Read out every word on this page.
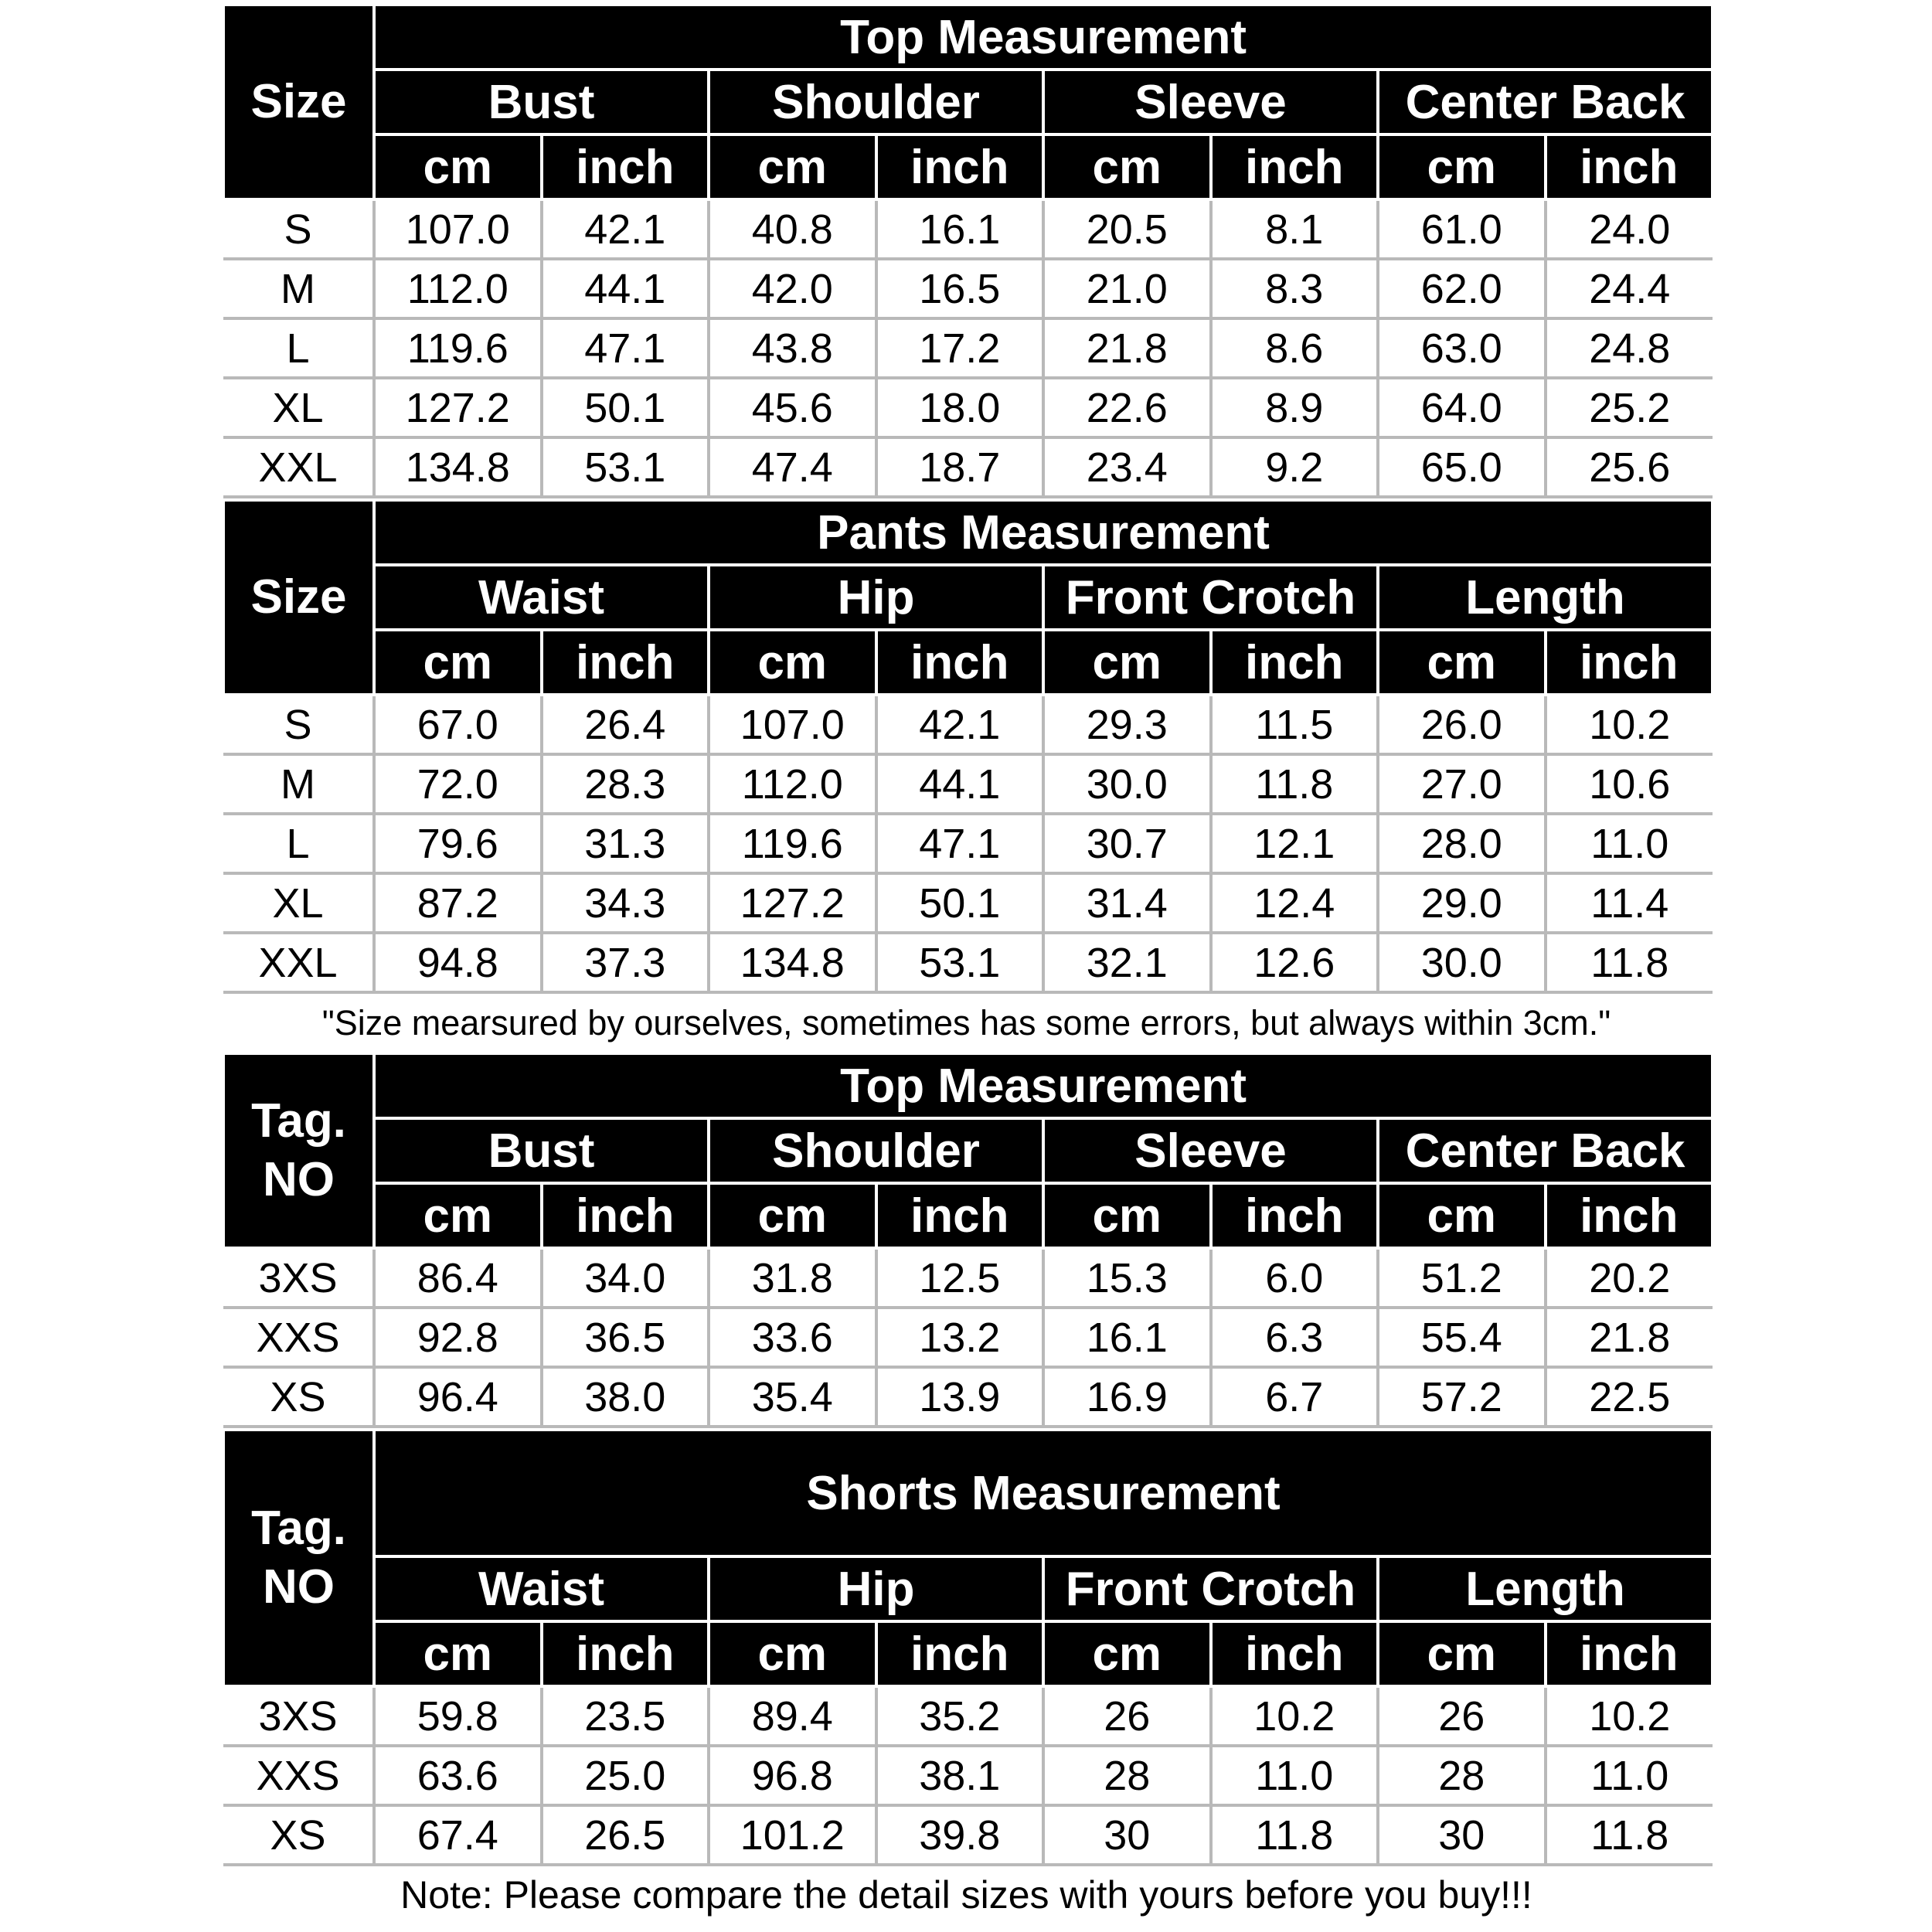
Size	Top Measurement							
	Bust		Shoulder		Sleeve		Center Back	
	cm	inch	cm	inch	cm	inch	cm	inch
S	107.0	42.1	40.8	16.1	20.5	8.1	61.0	24.0
M	112.0	44.1	42.0	16.5	21.0	8.3	62.0	24.4
L	119.6	47.1	43.8	17.2	21.8	8.6	63.0	24.8
XL	127.2	50.1	45.6	18.0	22.6	8.9	64.0	25.2
XXL	134.8	53.1	47.4	18.7	23.4	9.2	65.0	25.6
Size	Pants Measurement							
	Waist		Hip		Front Crotch		Length	
	cm	inch	cm	inch	cm	inch	cm	inch
S	67.0	26.4	107.0	42.1	29.3	11.5	26.0	10.2
M	72.0	28.3	112.0	44.1	30.0	11.8	27.0	10.6
L	79.6	31.3	119.6	47.1	30.7	12.1	28.0	11.0
XL	87.2	34.3	127.2	50.1	31.4	12.4	29.0	11.4
XXL	94.8	37.3	134.8	53.1	32.1	12.6	30.0	11.8
"Size mearsured by ourselves, sometimes has some errors, but always within 3cm."
Tag. NO	Top Measurement							
	Bust		Shoulder		Sleeve		Center Back	
	cm	inch	cm	inch	cm	inch	cm	inch
3XS	86.4	34.0	31.8	12.5	15.3	6.0	51.2	20.2
XXS	92.8	36.5	33.6	13.2	16.1	6.3	55.4	21.8
XS	96.4	38.0	35.4	13.9	16.9	6.7	57.2	22.5
Tag. NO	Shorts Measurement							
	Waist		Hip		Front Crotch		Length	
	cm	inch	cm	inch	cm	inch	cm	inch
3XS	59.8	23.5	89.4	35.2	26	10.2	26	10.2
XXS	63.6	25.0	96.8	38.1	28	11.0	28	11.0
XS	67.4	26.5	101.2	39.8	30	11.8	30	11.8
Note: Please compare the detail sizes with yours before you buy!!!
